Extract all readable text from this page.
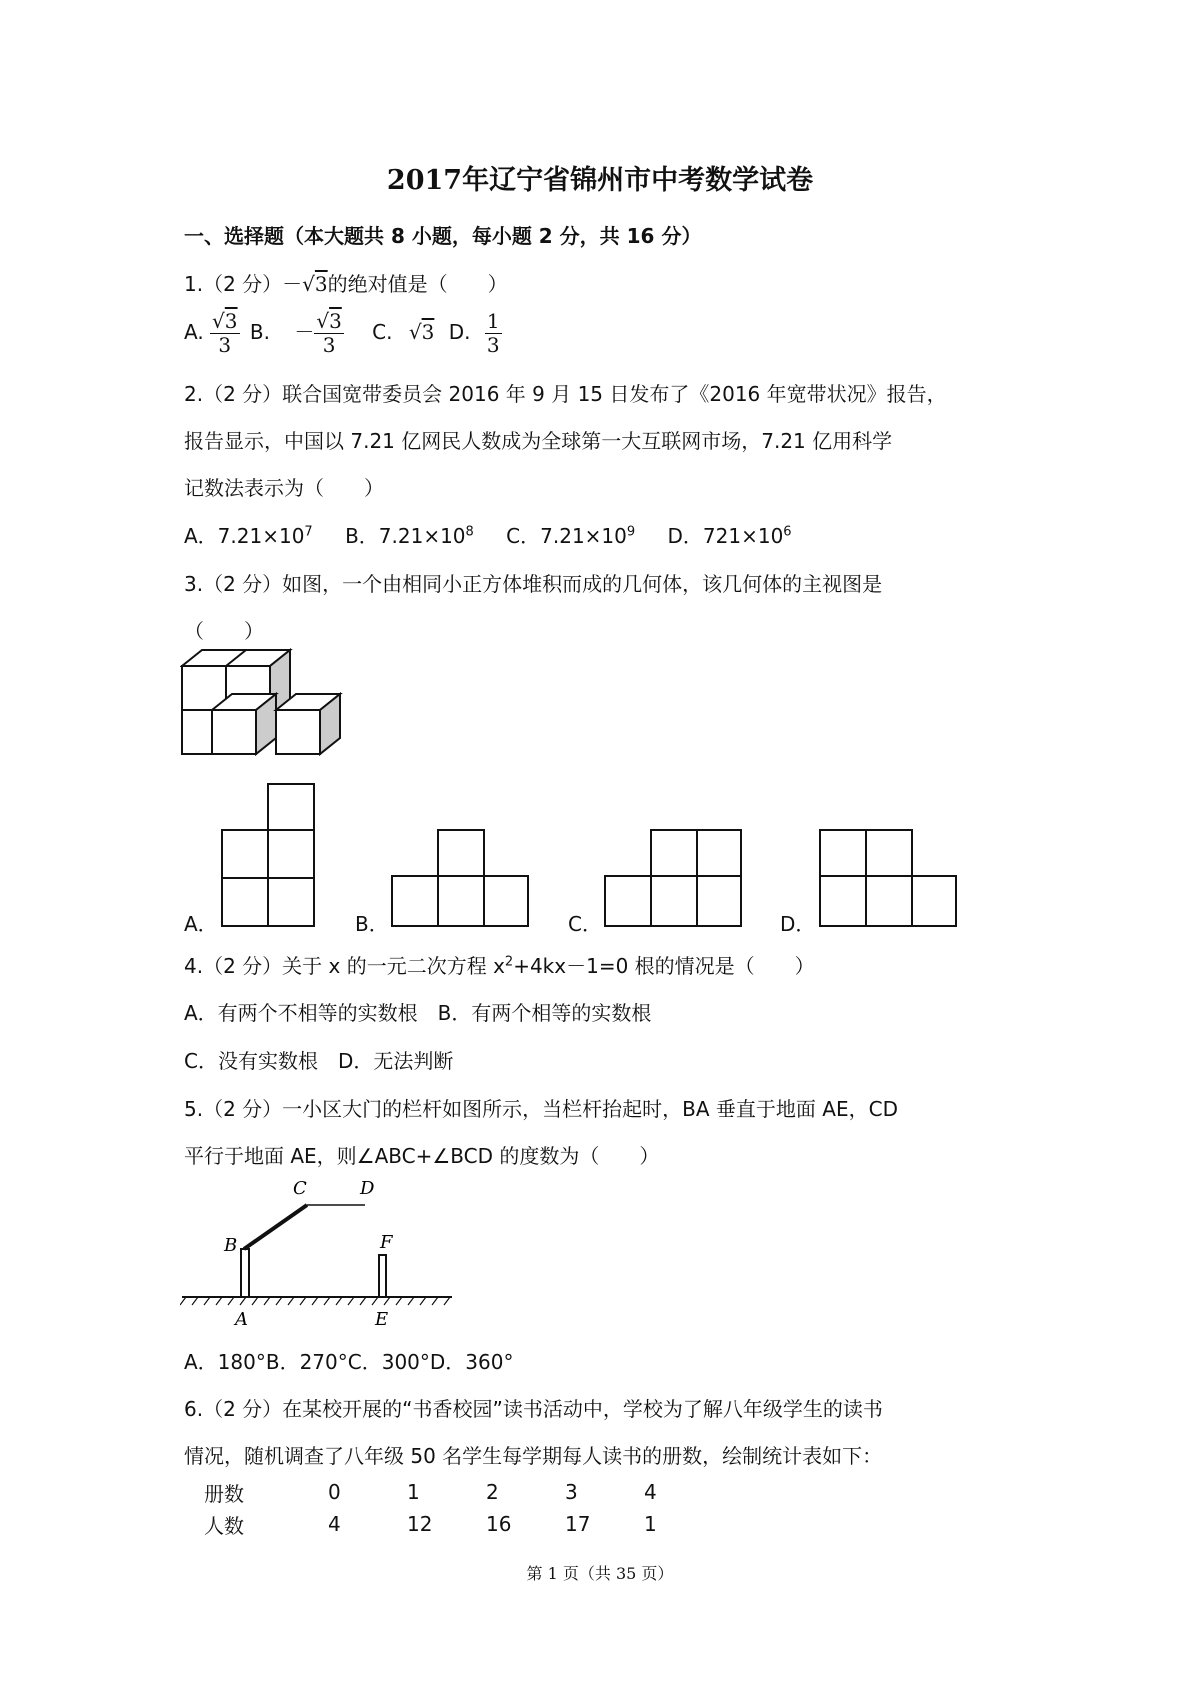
2017年辽宁省锦州市中考数学试卷
一、选择题（本大题共 8 小题，每小题 2 分，共 16 分）
1.（2 分）－√3的绝对值是（　　）
A. $\frac{√3}{3} B$. － $\frac{√3}{3} C$. √3 D. $\frac{1}{3}$
2.（2 分）联合国宽带委员会 2016 年 9 月 15 日发布了《2016 年宽带状况》报告，
报告显示，中国以 7.21 亿网民人数成为全球第一大互联网市场，7.21 亿用科学
记数法表示为（　　）
A．$7.21\times 10^7$ B．$7.21\times 10^8$ C．$7.21\times 10^9$ D．$721\times 10^6$
3.（2 分）如图，一个由相同小正方体堆积而成的几何体，该几何体的主视图是
（　　）
A．	B．	C．	D．
4.（2 分）关于 x 的一元二次方程 $x^2+4kx-1=0$ 根的情况是（　　）
A．有两个不相等的实数根　B．有两个相等的实数根
C．没有实数根　D．无法判断
5.（2 分）一小区大门的栏杆如图所示，当栏杆抬起时，BA 垂直于地面 AE，CD
平行于地面 AE，则∠ABC+∠BCD 的度数为（　　）
C	D
B	F
A	E
A．180°B．270°C．300°D．360°
6.（2 分）在某校开展的“书香校园”读书活动中，学校为了解八年级学生的读书
情况，随机调查了八年级 50 名学生每学期每人读书的册数，绘制统计表如下：
册数	0	1	2	3	4
人数	4	12	16	17	1
第 1 页（共 35 页）
